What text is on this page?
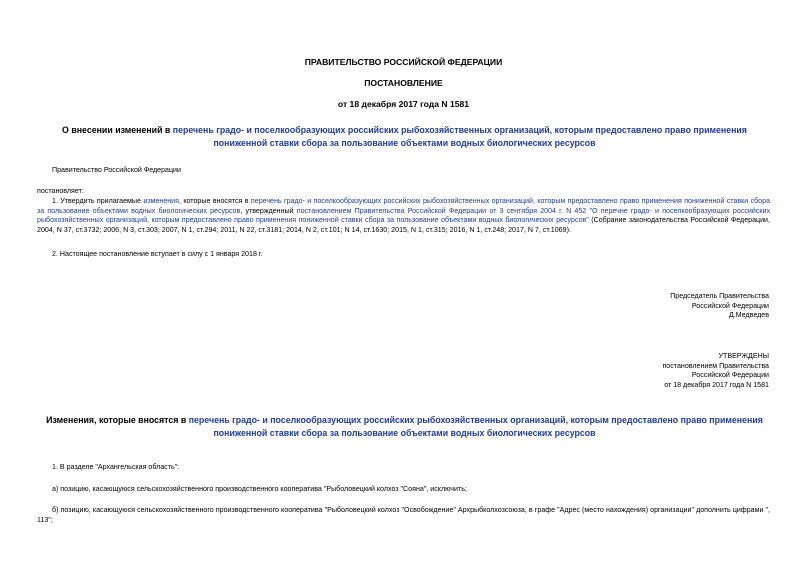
ПРАВИТЕЛЬСТВО РОССИЙСКОЙ ФЕДЕРАЦИИ
ПОСТАНОВЛЕНИЕ
от 18 декабря 2017 года N 1581
О внесении изменений в перечень градо- и поселкообразующих российских рыбохозяйственных организаций, которым предоставлено право применения пониженной ставки сбора за пользование объектами водных биологических ресурсов
Правительство Российской Федерации
постановляет:
1. Утвердить прилагаемые изменения, которые вносятся в перечень градо- и поселкообразующих российских рыбохозяйственных организаций, которым предоставлено право применения пониженной ставки сбора за пользование объектами водных биологических ресурсов, утвержденный постановлением Правительства Российской Федерации от 3 сентября 2004 г. N 452 "О перечне градо- и поселкообразующих российских рыбохозяйственных организаций, которым предоставлено право применения пониженной ставки сбора за пользование объектами водных биологических ресурсов" (Собрание законодательства Российской Федерации, 2004, N 37, ст.3732; 2006, N 3, ст.303; 2007, N 1, ст.294; 2011, N 22, ст.3181; 2014, N 2, ст.101; N 14, ст.1630; 2015, N 1, ст.315; 2016, N 1, ст.248; 2017, N 7, ст.1069).
2. Настоящее постановление вступает в силу с 1 января 2018 г.
Председатель Правительства
Российской Федерации
Д.Медведев
УТВЕРЖДЕНЫ
постановлением Правительства
Российской Федерации
от 18 декабря 2017 года N 1581
Изменения, которые вносятся в перечень градо- и поселкообразующих российских рыбохозяйственных организаций, которым предоставлено право применения пониженной ставки сбора за пользование объектами водных биологических ресурсов
1. В разделе "Архангельская область":
а) позицию, касающуюся сельскохозяйственного производственного кооператива "Рыболовецкий колхоз "Сояна", исключить;
б) позицию, касающуюся сельскохозяйственного производственного кооператива "Рыболовецкий колхоз "Освобождение" Архрыбколхозсоюза, в графе "Адрес (место нахождения) организации" дополнить цифрами ", 113";
